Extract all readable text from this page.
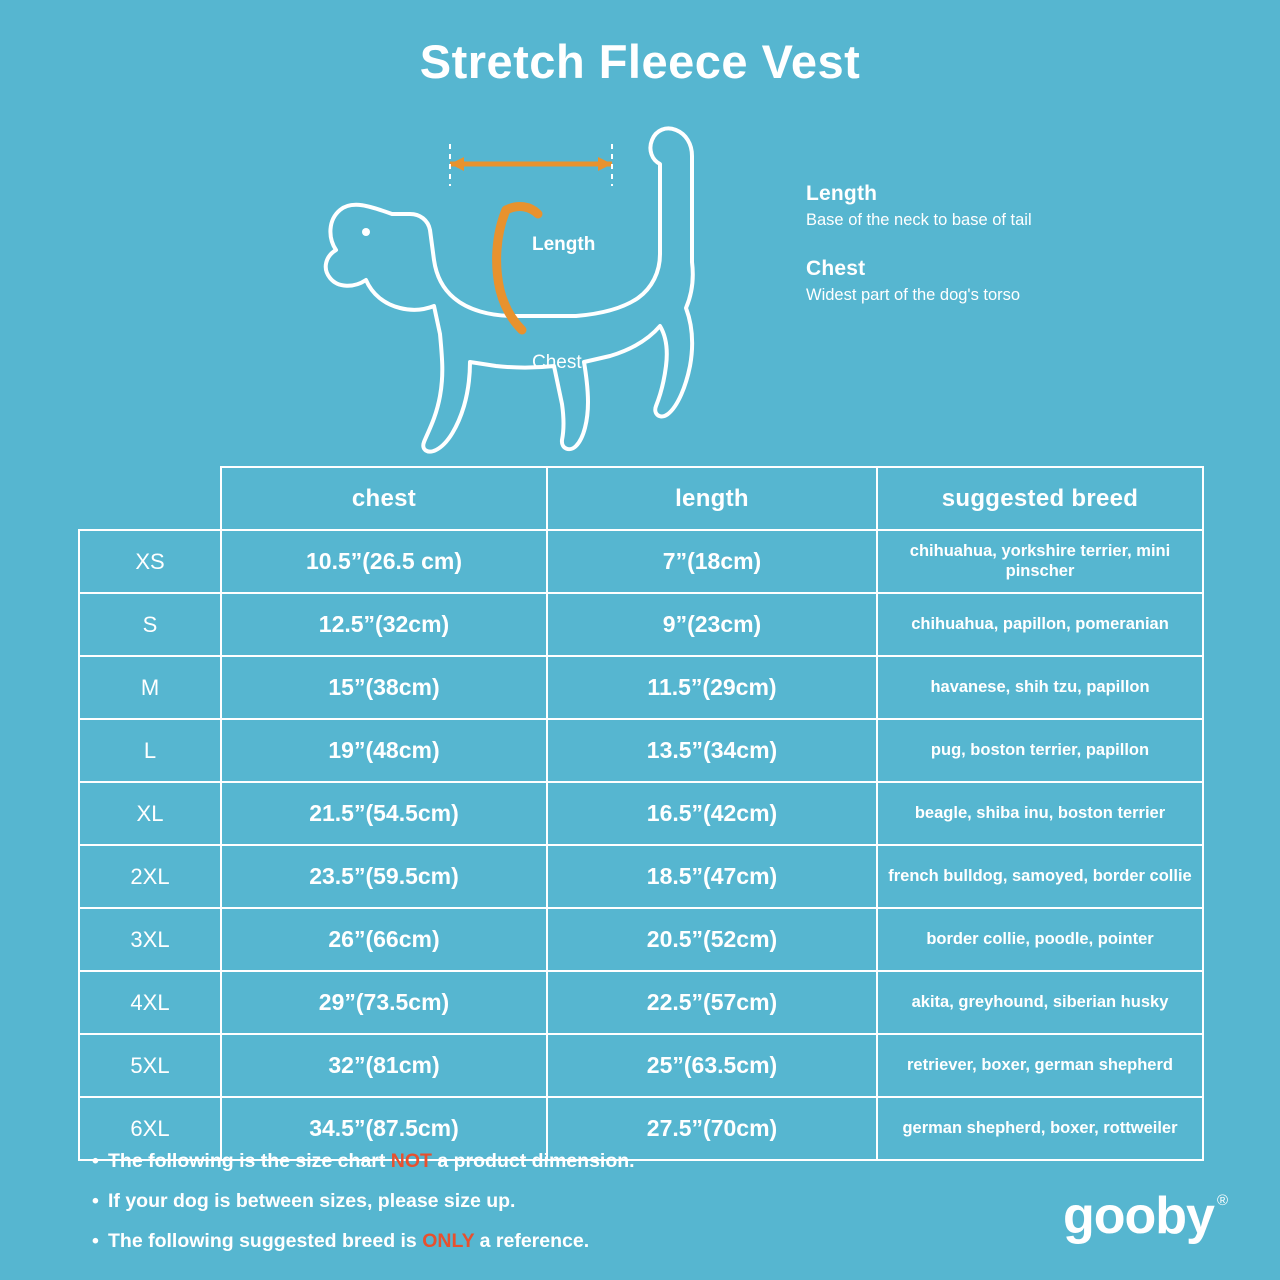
Stretch Fleece Vest
Length
Chest
Length

Base of the neck to base of tail

Chest

Widest part of the dog's torso

	chest	length	suggested breed
XS	10.5”(26.5 cm)	7”(18cm)	chihuahua, yorkshire terrier, mini pinscher
S	12.5”(32cm)	9”(23cm)	chihuahua, papillon, pomeranian
M	15”(38cm)	11.5”(29cm)	havanese, shih tzu, papillon
L	19”(48cm)	13.5”(34cm)	pug, boston terrier, papillon
XL	21.5”(54.5cm)	16.5”(42cm)	beagle, shiba inu, boston terrier
2XL	23.5”(59.5cm)	18.5”(47cm)	french bulldog, samoyed, border collie
3XL	26”(66cm)	20.5”(52cm)	border collie, poodle, pointer
4XL	29”(73.5cm)	22.5”(57cm)	akita, greyhound, siberian husky
5XL	32”(81cm)	25”(63.5cm)	retriever, boxer, german shepherd
6XL	34.5”(87.5cm)	27.5”(70cm)	german shepherd, boxer, rottweiler
• The following is the size chart NOT a product dimension.
• If your dog is between sizes, please size up.
• The following suggested breed is ONLY a reference.	gooby ®
